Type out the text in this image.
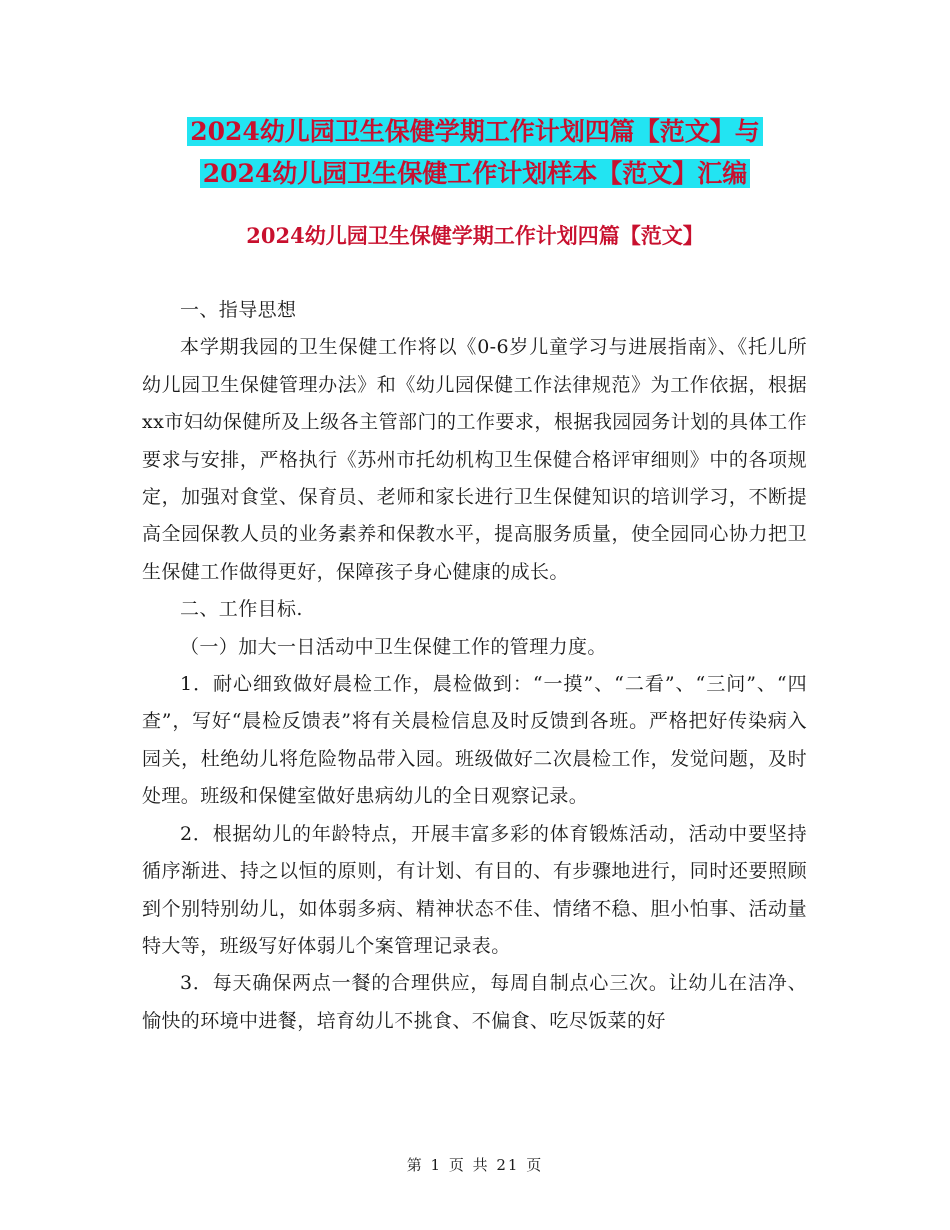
2024幼儿园卫生保健学期工作计划四篇【范文】与
2024幼儿园卫生保健工作计划样本【范文】汇编
2024幼儿园卫生保健学期工作计划四篇【范文】

一、指导思想

本学期我园的卫生保健工作将以《0-6岁儿童学习与进展指南》、《托儿所幼儿园卫生保健管理办法》和《幼儿园保健工作法律规范》为工作依据，根据xx市妇幼保健所及上级各主管部门的工作要求，根据我园园务计划的具体工作要求与安排，严格执行《苏州市托幼机构卫生保健合格评审细则》中的各项规定，加强对食堂、保育员、老师和家长进行卫生保健知识的培训学习，不断提高全园保教人员的业务素养和保教水平，提高服务质量，使全园同心协力把卫生保健工作做得更好，保障孩子身心健康的成长。

二、工作目标.

（一）加大一日活动中卫生保健工作的管理力度。

1．耐心细致做好晨检工作，晨检做到：“一摸”、“二看”、“三问”、“四查”，写好“晨检反馈表”将有关晨检信息及时反馈到各班。严格把好传染病入园关，杜绝幼儿将危险物品带入园。班级做好二次晨检工作，发觉问题，及时处理。班级和保健室做好患病幼儿的全日观察记录。

2．根据幼儿的年龄特点，开展丰富多彩的体育锻炼活动，活动中要坚持循序渐进、持之以恒的原则，有计划、有目的、有步骤地进行，同时还要照顾到个别特别幼儿，如体弱多病、精神状态不佳、情绪不稳、胆小怕事、活动量特大等，班级写好体弱儿个案管理记录表。

3．每天确保两点一餐的合理供应，每周自制点心三次。让幼儿在洁净、愉快的环境中进餐，培育幼儿不挑食、不偏食、吃尽饭菜的好

第 1 页 共 21 页
